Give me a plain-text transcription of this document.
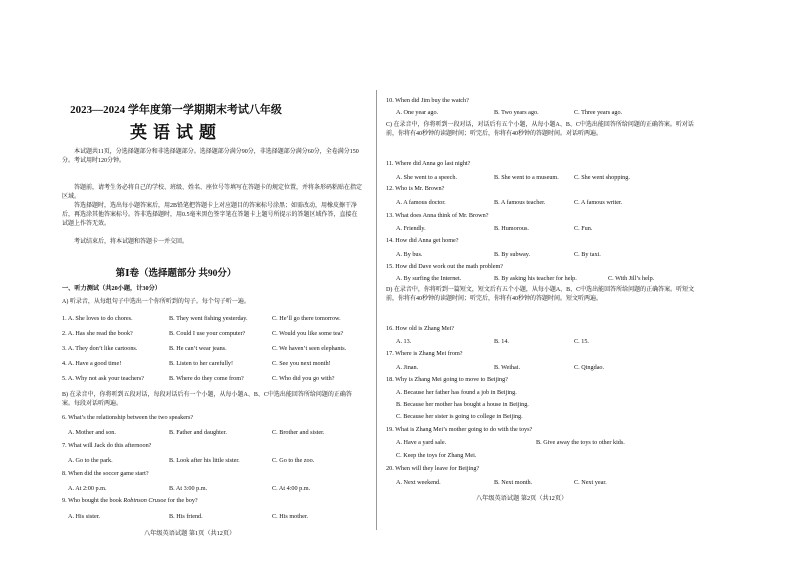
2023—2024 学年度第一学期期末考试八年级
英语试题
本试题共11页，分选择题部分和非选择题部分。选择题部分满分90分，非选择题部分满分60分，全卷满分150分。考试用时120分钟。
答题前，请考生务必将自己的学校、班级、姓名、座位号等填写在答题卡的规定位置，并将条形码粘贴在指定区域。
答选择题时，选出每小题答案后，用2B铅笔把答题卡上对应题目的答案标号涂黑；如需改动，用橡皮擦干净后，再选涂其他答案标号。答非选择题时，用0.5毫米黑色签字笔在答题卡上题号所提示的答题区域作答，直接在试题上作答无效。
考试结束后，将本试题和答题卡一并交回。
第Ⅰ卷（选择题部分 共90分）
一、听力测试（共20小题，计30分）
A) 听录音，从每组句子中选出一个你所听到的句子。每个句子听一遍。
1. A. She loves to do chores.	B. They went fishing yesterday.	C. He’ll go there tomorrow.
2. A. Has she read the book?	B. Could I use your computer?	C. Would you like some tea?
3. A. They don’t like cartoons.	B. He can’t wear jeans.	C. We haven’t seen elephants.
4. A. Have a good time!	B. Listen to her carefully!	C. See you next month!
5. A. Why not ask your teachers?	B. Where do they come from?	C. Who did you go with?
B) 在录音中，你将听到五段对话，每段对话后有一个小题，从每小题A、B、C中选出能回答所给问题的正确答案。每段对话听两遍。
6. What’s the relationship between the two speakers?
A. Mother and son.	B. Father and daughter.	C. Brother and sister.
7. What will Jack do this afternoon?
A. Go to the park.	B. Look after his little sister.	C. Go to the zoo.
8. When did the soccer game start?
A. At 2:00 p.m.	B. At 3:00 p.m.	C. At 4:00 p.m.
9. Who bought the book Robinson Crusoe for the boy?
A. His sister.	B. His friend.	C. His mother.
八年级英语试题 第1页（共12页）
10. When did Jim buy the watch?
A. One year ago.	B. Two years ago.	C. Three years ago.
C) 在录音中，你将听到一段对话，对话后有五个小题，从每小题A、B、C中选出能回答所给问题的正确答案。听对话前，你将有40秒钟的读题时间；听完后，你将有40秒钟的答题时间。对话听两遍。
11. Where did Anna go last night?
A. She went to a speech.	B. She went to a museum. C. She went shopping.
12. Who is Mr. Brown?
A. A famous doctor.	B. A famous teacher.	C. A famous writer.
13. What does Anna think of Mr. Brown?
A. Friendly.	B. Humorous.	C. Fun.
14. How did Anna get home?
A. By bus.	B. By subway.	C. By taxi.
15. How did Dave work out the math problem?
A. By surfing the Internet.	B. By asking his teacher for help.	C. With Jill’s help.
D) 在录音中，你将听到一篇短文，短文后有五个小题，从每小题A、B、C中选出能回答所给问题的正确答案。听短文前，你将有40秒钟的读题时间；听完后，你将有40秒钟的答题时间。短文听两遍。
16. How old is Zhang Mei?
A. 13.	B. 14.	C. 15.
17. Where is Zhang Mei from?
A. Jinan.	B. Weihai.	C. Qingdao.
18. Why is Zhang Mei going to move to Beijing?
A. Because her father has found a job in Beijing.
B. Because her mother has bought a house in Beijing.
C. Because her sister is going to college in Beijing.
19. What is Zhang Mei’s mother going to do with the toys?
A. Have a yard sale.	B. Give away the toys to other kids.
C. Keep the toys for Zhang Mei.
20. When will they leave for Beijing?
A. Next weekend.	B. Next month.	C. Next year.
八年级英语试题 第2页（共12页）
